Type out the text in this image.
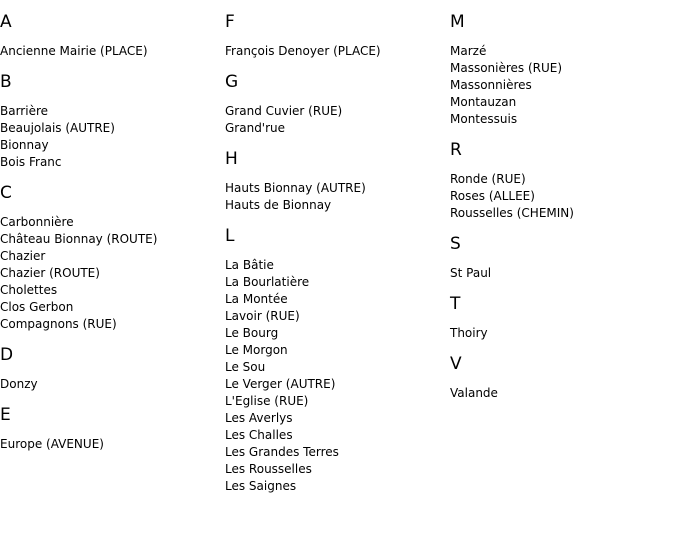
A
Ancienne Mairie (PLACE)
B
Barrière
Beaujolais (AUTRE)
Bionnay
Bois Franc
C
Carbonnière
Château Bionnay (ROUTE)
Chazier
Chazier (ROUTE)
Cholettes
Clos Gerbon
Compagnons (RUE)
D
Donzy
E
Europe (AVENUE)
F
François Denoyer (PLACE)
G
Grand Cuvier (RUE)
Grand'rue
H
Hauts Bionnay (AUTRE)
Hauts de Bionnay
L
La Bâtie
La Bourlatière
La Montée
Lavoir (RUE)
Le Bourg
Le Morgon
Le Sou
Le Verger (AUTRE)
L'Eglise (RUE)
Les Averlys
Les Challes
Les Grandes Terres
Les Rousselles
Les Saignes
M
Marzé
Massonières (RUE)
Massonnières
Montauzan
Montessuis
R
Ronde (RUE)
Roses (ALLEE)
Rousselles (CHEMIN)
S
St Paul
T
Thoiry
V
Valande
